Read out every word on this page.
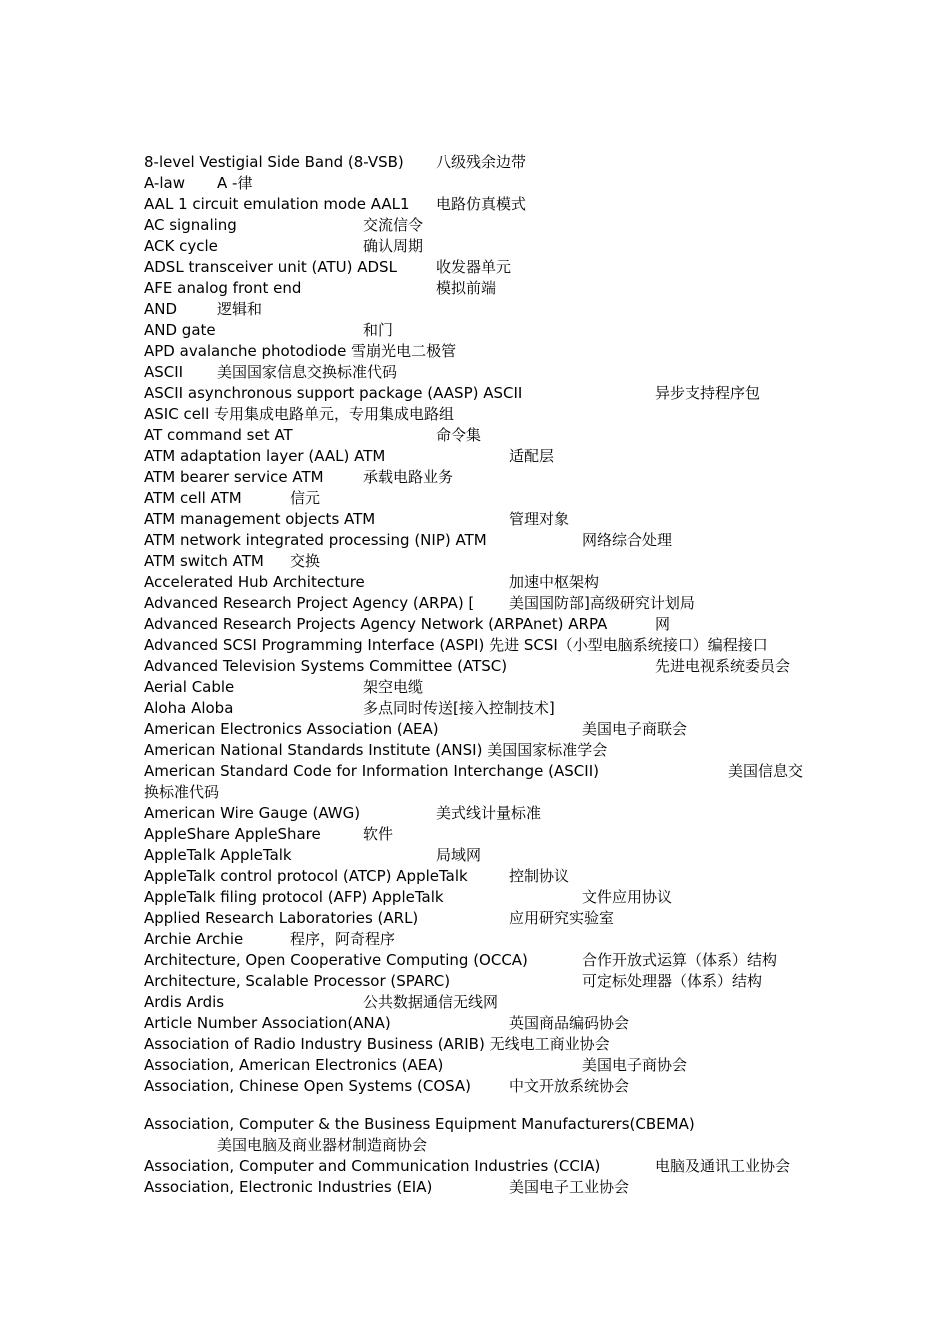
8-level Vestigial Side Band (8-VSB)	八级残余边带
A-law	A -律
AAL 1 circuit emulation mode AAL1	电路仿真模式
AC signaling		交流信令
ACK cycle		确认周期
ADSL transceiver unit (ATU) ADSL	收发器单元
AFE analog front end		模拟前端
AND	逻辑和
AND gate		和门
APD avalanche photodiode 雪崩光电二极管
ASCII	美国国家信息交换标准代码
ASCII asynchronous support package (AASP) ASCII		异步支持程序包
ASIC cell 专用集成电路单元，专用集成电路组
AT command set AT		命令集
ATM adaptation layer (AAL) ATM		适配层
ATM bearer service ATM	承载电路业务
ATM cell ATM	信元
ATM management objects ATM		管理对象
ATM network integrated processing (NIP) ATM		网络综合处理
ATM switch ATM	交换
Accelerated Hub Architecture		加速中枢架构
Advanced Research Project Agency (ARPA) [	美国国防部]高级研究计划局
Advanced Research Projects Agency Network (ARPAnet) ARPA	网
Advanced SCSI Programming Interface (ASPI) 先进 SCSI（小型电脑系统接口）编程接口
Advanced Television Systems Committee (ATSC)		先进电视系统委员会
Aerial Cable		架空电缆
Aloha Aloba		多点同时传送[接入控制技术]
American Electronics Association (AEA)		美国电子商联会
American National Standards Institute (ANSI) 美国国家标准学会
American Standard Code for Information Interchange (ASCII)		美国信息交换标准代码
American Wire Gauge (AWG)		美式线计量标准
AppleShare AppleShare	软件
AppleTalk AppleTalk		局域网
AppleTalk control protocol (ATCP) AppleTalk	控制协议
AppleTalk filing protocol (AFP) AppleTalk		文件应用协议
Applied Research Laboratories (ARL)		应用研究实验室
Archie Archie	程序，阿奇程序
Architecture, Open Cooperative Computing (OCCA)	合作开放式运算（体系）结构
Architecture, Scalable Processor (SPARC)		可定标处理器（体系）结构
Ardis Ardis		公共数据通信无线网
Article Number Association(ANA)		英国商品编码协会
Association of Radio Industry Business (ARIB) 无线电工商业协会
Association, American Electronics (AEA)		美国电子商协会
Association, Chinese Open Systems (COSA)	中文开放系统协会
Association, Computer & the Business Equipment Manufacturers(CBEMA)
	美国电脑及商业器材制造商协会
Association, Computer and Communication Industries (CCIA)	电脑及通讯工业协会
Association, Electronic Industries (EIA)		美国电子工业协会
